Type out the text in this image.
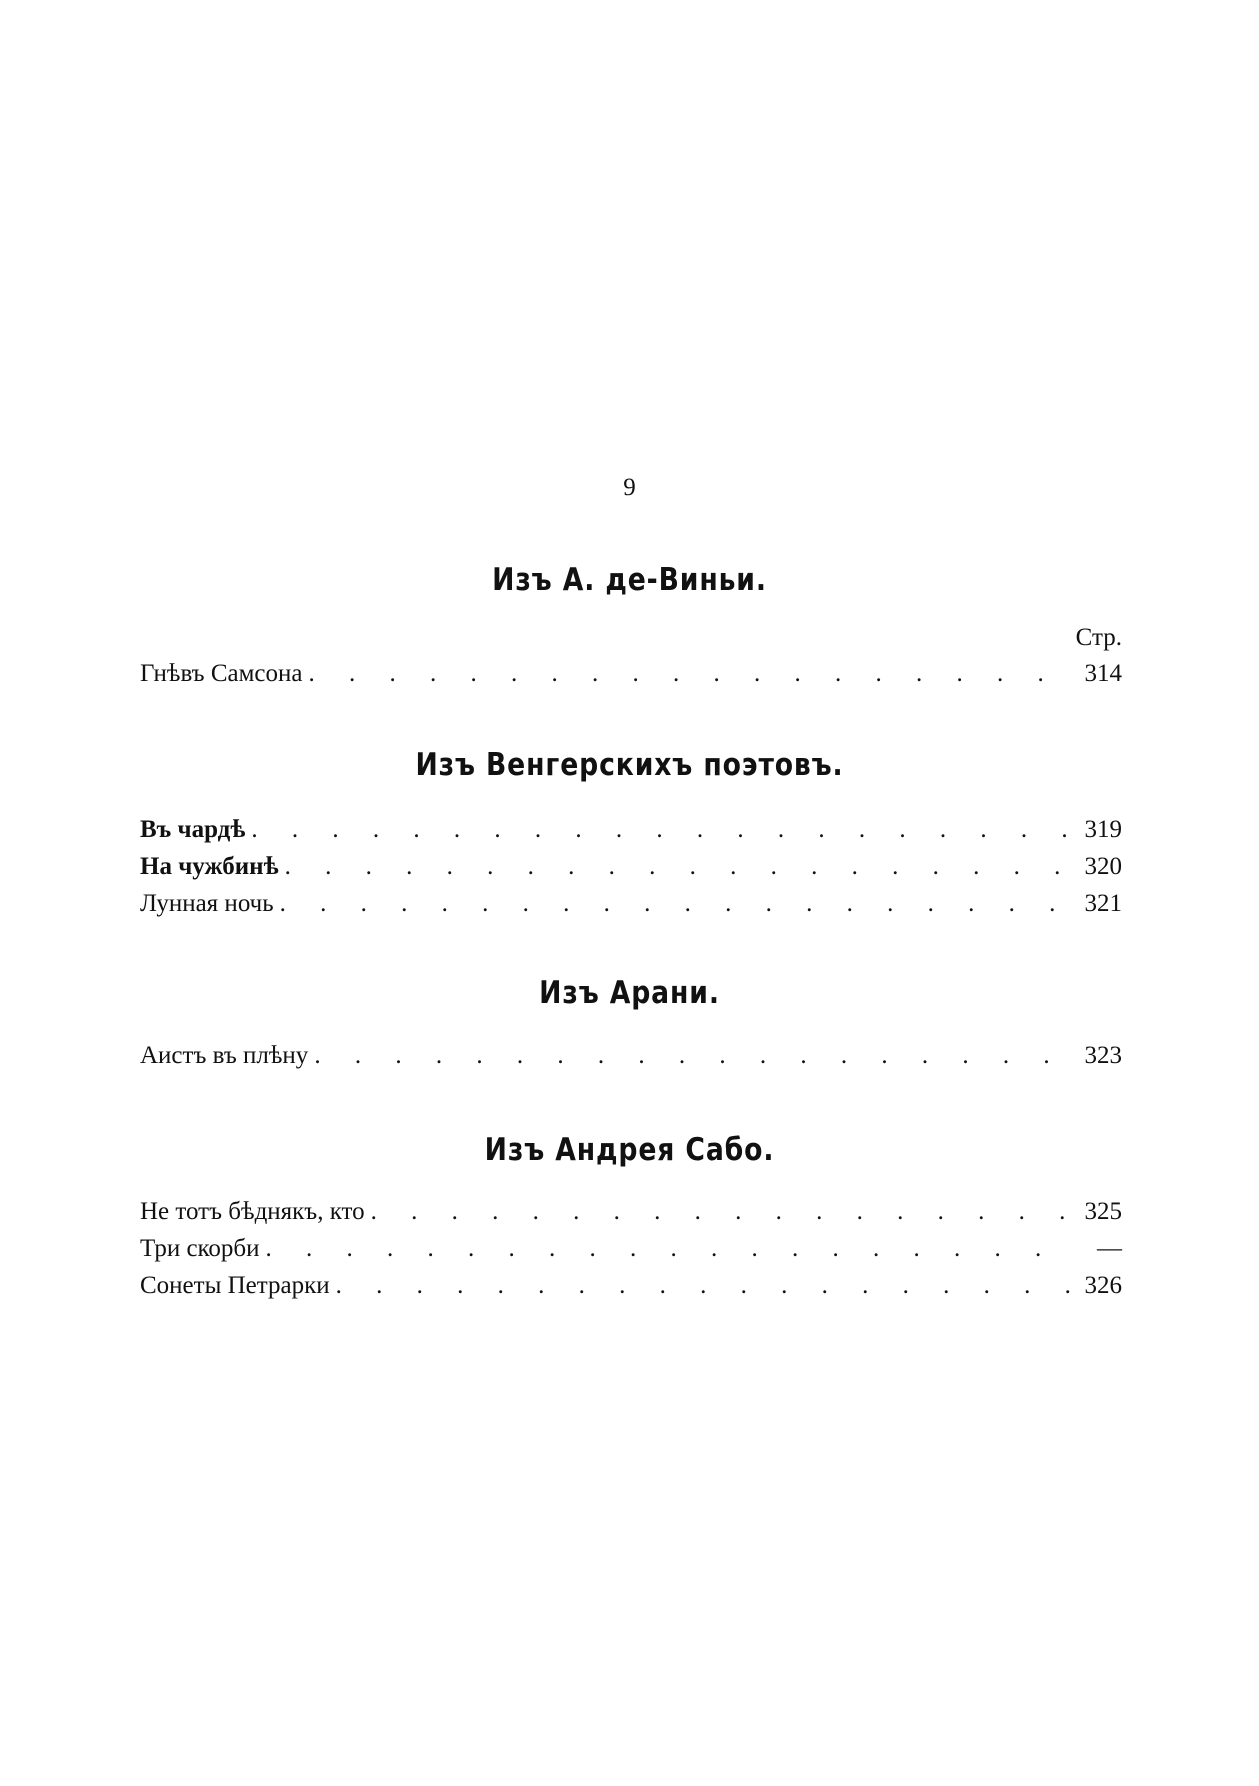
9
Изъ А. де-Виньи.
Стр.
Гнѣвъ Самсона . . .	314
Изъ Венгерскихъ поэтовъ.
Въ чардѣ . . .	319
На чужбинѣ . . .	320
Лунная ночь . . .	321
Изъ Арани.
Аистъ въ плѣну . . .	323
Изъ Андрея Сабо.
Не тотъ бѣднякъ, кто . . .	325
Три скорби . . .	—
Сонеты Петрарки . . .	326
